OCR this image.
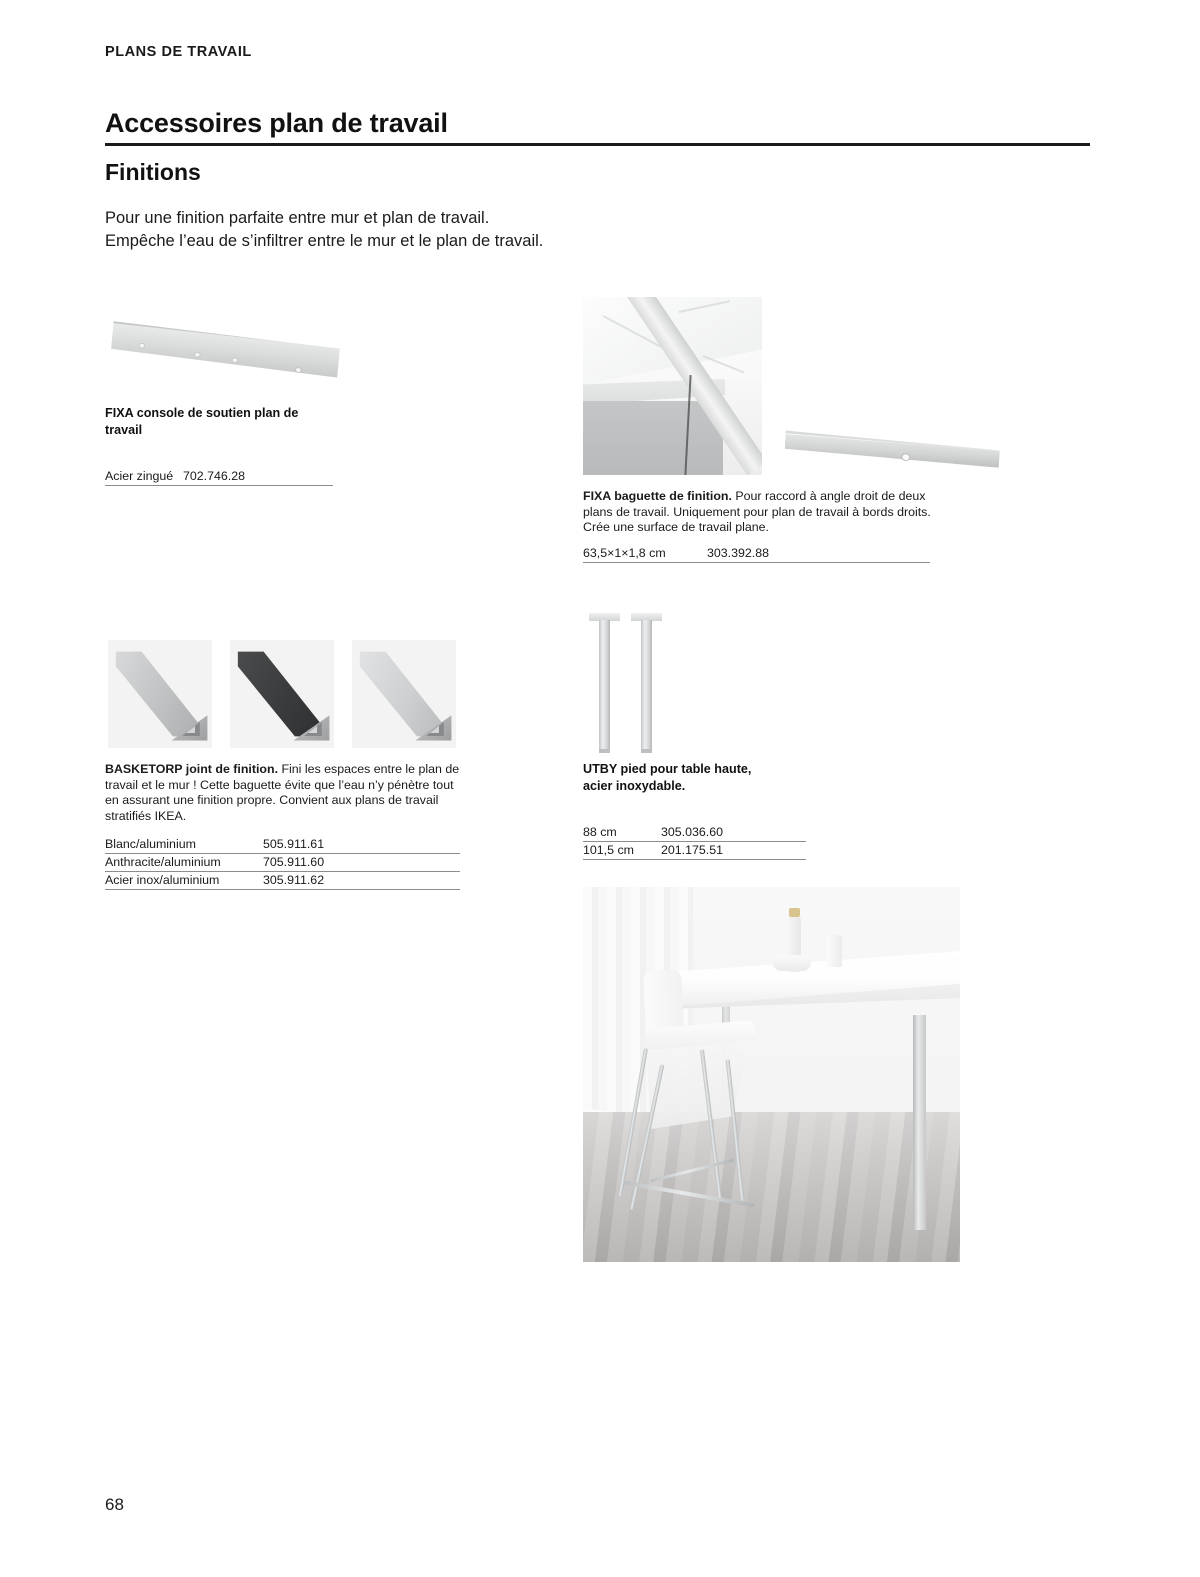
PLANS DE TRAVAIL
Accessoires plan de travail
Finitions
Pour une finition parfaite entre mur et plan de travail.
Empêche l’eau de s’infiltrer entre le mur et le plan de travail.
FIXA console de soutien plan de travail
Acier zingué 702.746.28
FIXA baguette de finition. Pour raccord à angle droit de deux plans de travail. Uniquement pour plan de travail à bords droits. Crée une surface de travail plane.
63,5×1×1,8 cm	303.392.88
BASKETORP joint de finition. Fini les espaces entre le plan de travail et le mur ! Cette baguette évite que l’eau n’y pénètre tout en assurant une finition propre. Convient aux plans de travail stratifiés IKEA.
Blanc/aluminium	505.911.61
Anthracite/aluminium	705.911.60
Acier inox/aluminium	305.911.62
UTBY pied pour table haute,
acier inoxydable.
88 cm	305.036.60
101,5 cm 201.175.51
68
